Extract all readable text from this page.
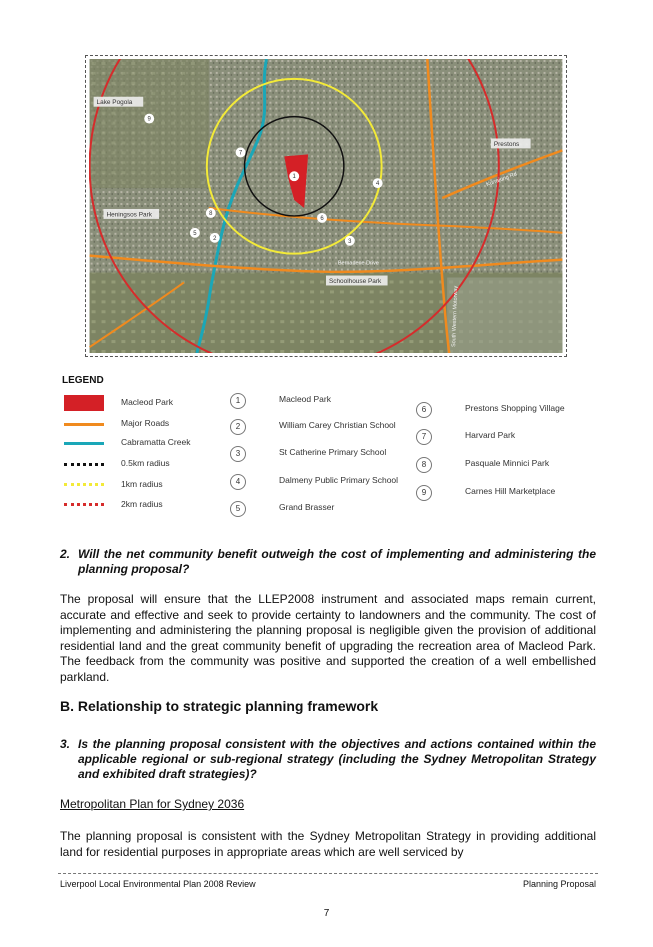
Lake Pogola
Heningsos Park
Prestons
Schoolhouse Park
Bernadene Drive
South Western Motorway
Kurrajong Rd
1
2	3
4
5
6
7
8
9
LEGEND
Macleod Park
Major Roads
Cabramatta Creek
0.5km radius
1km radius
2km radius
1
2
3
4
5
Macleod Park
William Carey Christian School
St Catherine Primary School
Dalmeny Public Primary School
Grand Brasser
6
7
8
9
Prestons Shopping Village
Harvard Park
Pasquale Minnici Park
Carnes Hill Marketplace
2. Will the net community benefit outweigh the cost of implementing and administering the planning proposal?
The proposal will ensure that the LLEP2008 instrument and associated maps remain current, accurate and effective and seek to provide certainty to landowners and the community. The cost of implementing and administering the planning proposal is negligible given the provision of additional residential land and the great community benefit of upgrading the recreation area of Macleod Park. The feedback from the community was positive and supported the creation of a well embellished parkland.
B. Relationship to strategic planning framework
3. Is the planning proposal consistent with the objectives and actions contained within the applicable regional or sub-regional strategy (including the Sydney Metropolitan Strategy and exhibited draft strategies)?
Metropolitan Plan for Sydney 2036
The planning proposal is consistent with the Sydney Metropolitan Strategy in providing additional land for residential purposes in appropriate areas which are well serviced by
Liverpool Local Environmental Plan 2008 Review	Planning Proposal
7
